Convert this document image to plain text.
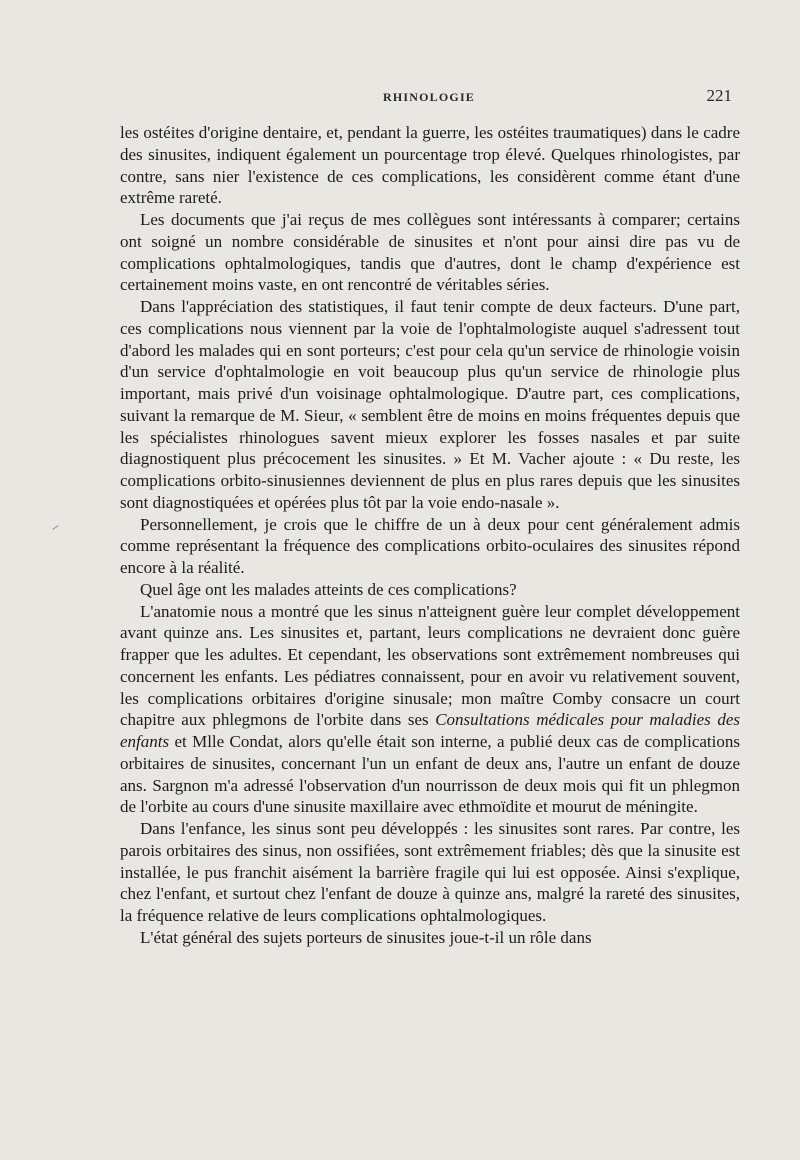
RHINOLOGIE	221

les ostéites d'origine dentaire, et, pendant la guerre, les ostéites traumatiques) dans le cadre des sinusites, indiquent également un pourcentage trop élevé. Quelques rhinologistes, par contre, sans nier l'existence de ces complications, les considèrent comme étant d'une extrême rareté.

Les documents que j'ai reçus de mes collègues sont intéressants à comparer; certains ont soigné un nombre considérable de sinusites et n'ont pour ainsi dire pas vu de complications ophtalmologiques, tandis que d'autres, dont le champ d'expérience est certainement moins vaste, en ont rencontré de véritables séries.

Dans l'appréciation des statistiques, il faut tenir compte de deux facteurs. D'une part, ces complications nous viennent par la voie de l'ophtalmologiste auquel s'adressent tout d'abord les malades qui en sont porteurs; c'est pour cela qu'un service de rhinologie voisin d'un service d'ophtalmologie en voit beaucoup plus qu'un service de rhinologie plus important, mais privé d'un voisinage ophtalmologique. D'autre part, ces complications, suivant la remarque de M. Sieur, « semblent être de moins en moins fréquentes depuis que les spécialistes rhinologues savent mieux explorer les fosses nasales et par suite diagnostiquent plus précocement les sinusites. » Et M. Vacher ajoute : « Du reste, les complications orbito-sinusiennes deviennent de plus en plus rares depuis que les sinusites sont diagnostiquées et opérées plus tôt par la voie endo-nasale ».

Personnellement, je crois que le chiffre de un à deux pour cent généralement admis comme représentant la fréquence des complications orbito-oculaires des sinusites répond encore à la réalité.

Quel âge ont les malades atteints de ces complications?

L'anatomie nous a montré que les sinus n'atteignent guère leur complet développement avant quinze ans. Les sinusites et, partant, leurs complications ne devraient donc guère frapper que les adultes. Et cependant, les observations sont extrêmement nombreuses qui concernent les enfants. Les pédiatres connaissent, pour en avoir vu relativement souvent, les complications orbitaires d'origine sinusale; mon maître Comby consacre un court chapitre aux phlegmons de l'orbite dans ses Consultations médicales pour maladies des enfants et Mlle Condat, alors qu'elle était son interne, a publié deux cas de complications orbitaires de sinusites, concernant l'un un enfant de deux ans, l'autre un enfant de douze ans. Sargnon m'a adressé l'observation d'un nourrisson de deux mois qui fit un phlegmon de l'orbite au cours d'une sinusite maxillaire avec ethmoïdite et mourut de méningite.

Dans l'enfance, les sinus sont peu développés : les sinusites sont rares. Par contre, les parois orbitaires des sinus, non ossifiées, sont extrêmement friables; dès que la sinusite est installée, le pus franchit aisément la barrière fragile qui lui est opposée. Ainsi s'explique, chez l'enfant, et surtout chez l'enfant de douze à quinze ans, malgré la rareté des sinusites, la fréquence relative de leurs complications ophtalmologiques.

L'état général des sujets porteurs de sinusites joue-t-il un rôle dans
